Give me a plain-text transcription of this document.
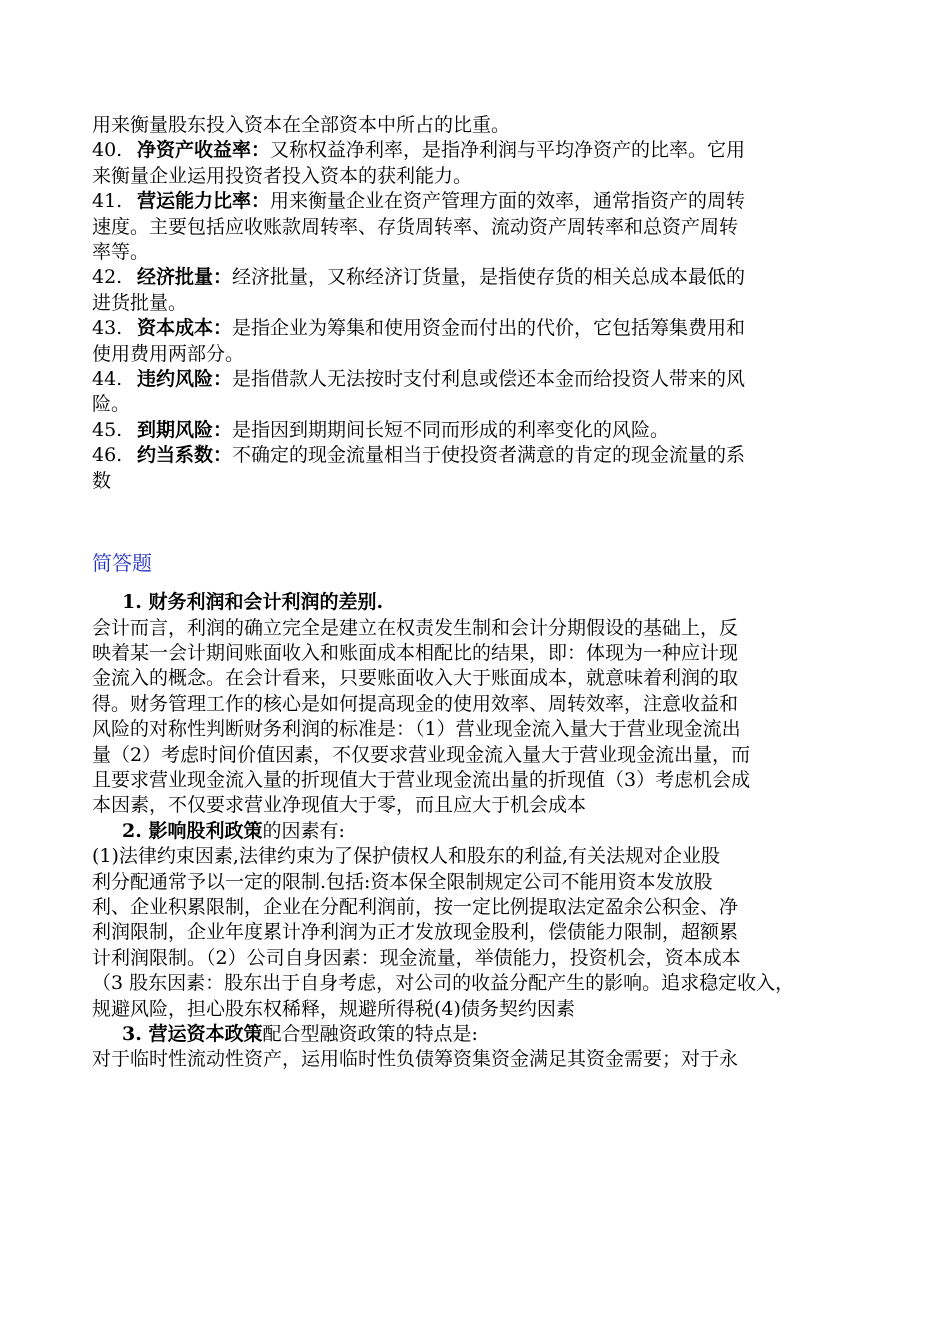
用来衡量股东投入资本在全部资本中所占的比重。
40. 净资产收益率：又称权益净利率，是指净利润与平均净资产的比率。它用
来衡量企业运用投资者投入资本的获利能力。
41. 营运能力比率：用来衡量企业在资产管理方面的效率，通常指资产的周转
速度。主要包括应收账款周转率、存货周转率、流动资产周转率和总资产周转
率等。
42. 经济批量：经济批量，又称经济订货量，是指使存货的相关总成本最低的
进货批量。
43. 资本成本：是指企业为筹集和使用资金而付出的代价，它包括筹集费用和
使用费用两部分。
44. 违约风险：是指借款人无法按时支付利息或偿还本金而给投资人带来的风
险。
45. 到期风险：是指因到期期间长短不同而形成的利率变化的风险。
46. 约当系数：不确定的现金流量相当于使投资者满意的肯定的现金流量的系
数
简答题
1. 财务利润和会计利润的差别.
会计而言，利润的确立完全是建立在权责发生制和会计分期假设的基础上，反
映着某一会计期间账面收入和账面成本相配比的结果，即：体现为一种应计现
金流入的概念。在会计看来，只要账面收入大于账面成本，就意味着利润的取
得。财务管理工作的核心是如何提高现金的使用效率、周转效率，注意收益和
风险的对称性判断财务利润的标准是：（1）营业现金流入量大于营业现金流出
量（2）考虑时间价值因素，不仅要求营业现金流入量大于营业现金流出量，而
且要求营业现金流入量的折现值大于营业现金流出量的折现值（3）考虑机会成
本因素，不仅要求营业净现值大于零，而且应大于机会成本
2. 影响股利政策的因素有:
(1)法律约束因素,法律约束为了保护债权人和股东的利益,有关法规对企业股
利分配通常予以一定的限制.包括:资本保全限制规定公司不能用资本发放股
利、企业积累限制，企业在分配利润前，按一定比例提取法定盈余公积金、净
利润限制，企业年度累计净利润为正才发放现金股利，偿债能力限制，超额累
计利润限制。（2）公司自身因素：现金流量，举债能力，投资机会，资本成本
（3 股东因素：股东出于自身考虑，对公司的收益分配产生的影响。追求稳定收入，
规避风险，担心股东权稀释，规避所得税(4)债务契约因素
3. 营运资本政策配合型融资政策的特点是:
对于临时性流动性资产，运用临时性负债筹资集资金满足其资金需要；对于永
